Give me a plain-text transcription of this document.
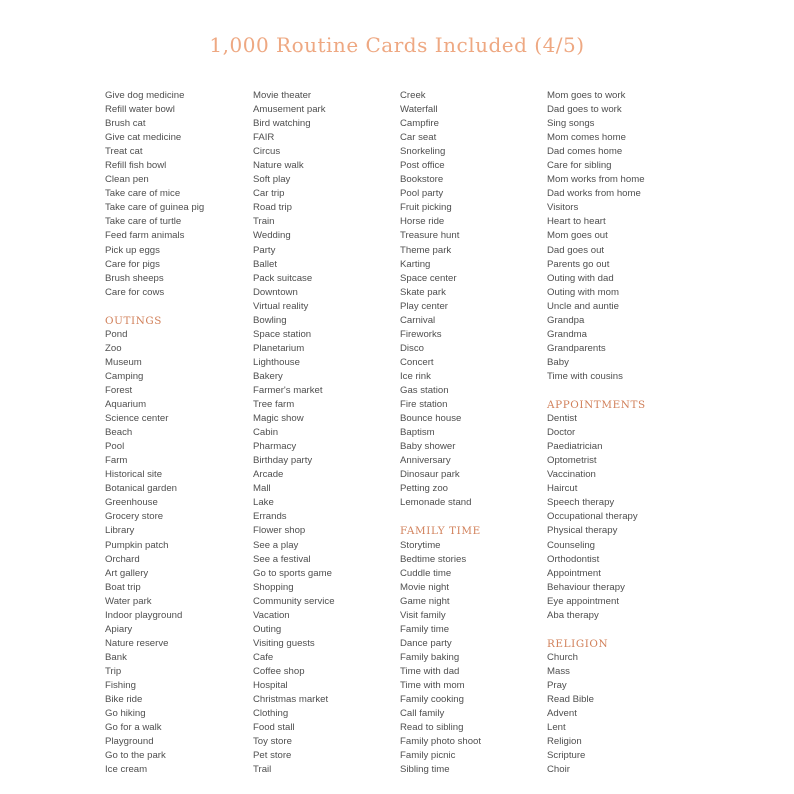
1,000 Routine Cards Included (4/5)
Give dog medicine
Refill water bowl
Brush cat
Give cat medicine
Treat cat
Refill fish bowl
Clean pen
Take care of mice
Take care of guinea pig
Take care of turtle
Feed farm animals
Pick up eggs
Care for pigs
Brush sheeps
Care for cows
OUTINGS
Pond
Zoo
Museum
Camping
Forest
Aquarium
Science center
Beach
Pool
Farm
Historical site
Botanical garden
Greenhouse
Grocery store
Library
Pumpkin patch
Orchard
Art gallery
Boat trip
Water park
Indoor playground
Apiary
Nature reserve
Bank
Trip
Fishing
Bike ride
Go hiking
Go for a walk
Playground
Go to the park
Ice cream
Movie theater
Amusement park
Bird watching
FAIR
Circus
Nature walk
Soft play
Car trip
Road trip
Train
Wedding
Party
Ballet
Pack suitcase
Downtown
Virtual reality
Bowling
Space station
Planetarium
Lighthouse
Bakery
Farmer's market
Tree farm
Magic show
Cabin
Pharmacy
Birthday party
Arcade
Mall
Lake
Errands
Flower shop
See a play
See a festival
Go to sports game
Shopping
Community service
Vacation
Outing
Visiting guests
Cafe
Coffee shop
Hospital
Christmas market
Clothing
Food stall
Toy store
Pet store
Trail
Creek
Waterfall
Campfire
Car seat
Snorkeling
Post office
Bookstore
Pool party
Fruit picking
Horse ride
Treasure hunt
Theme park
Karting
Space center
Skate park
Play center
Carnival
Fireworks
Disco
Concert
Ice rink
Gas station
Fire station
Bounce house
Baptism
Baby shower
Anniversary
Dinosaur park
Petting zoo
Lemonade stand
FAMILY TIME
Storytime
Bedtime stories
Cuddle time
Movie night
Game night
Visit family
Family time
Dance party
Family baking
Time with dad
Time with mom
Family cooking
Call family
Read to sibling
Family photo shoot
Family picnic
Sibling time
Mom goes to work
Dad goes to work
Sing songs
Mom comes home
Dad comes home
Care for sibling
Mom works from home
Dad works from home
Visitors
Heart to heart
Mom goes out
Dad goes out
Parents go out
Outing with dad
Outing with mom
Uncle and auntie
Grandpa
Grandma
Grandparents
Baby
Time with cousins
APPOINTMENTS
Dentist
Doctor
Paediatrician
Optometrist
Vaccination
Haircut
Speech therapy
Occupational therapy
Physical therapy
Counseling
Orthodontist
Appointment
Behaviour therapy
Eye appointment
Aba therapy
RELIGION
Church
Mass
Pray
Read Bible
Advent
Lent
Religion
Scripture
Choir
